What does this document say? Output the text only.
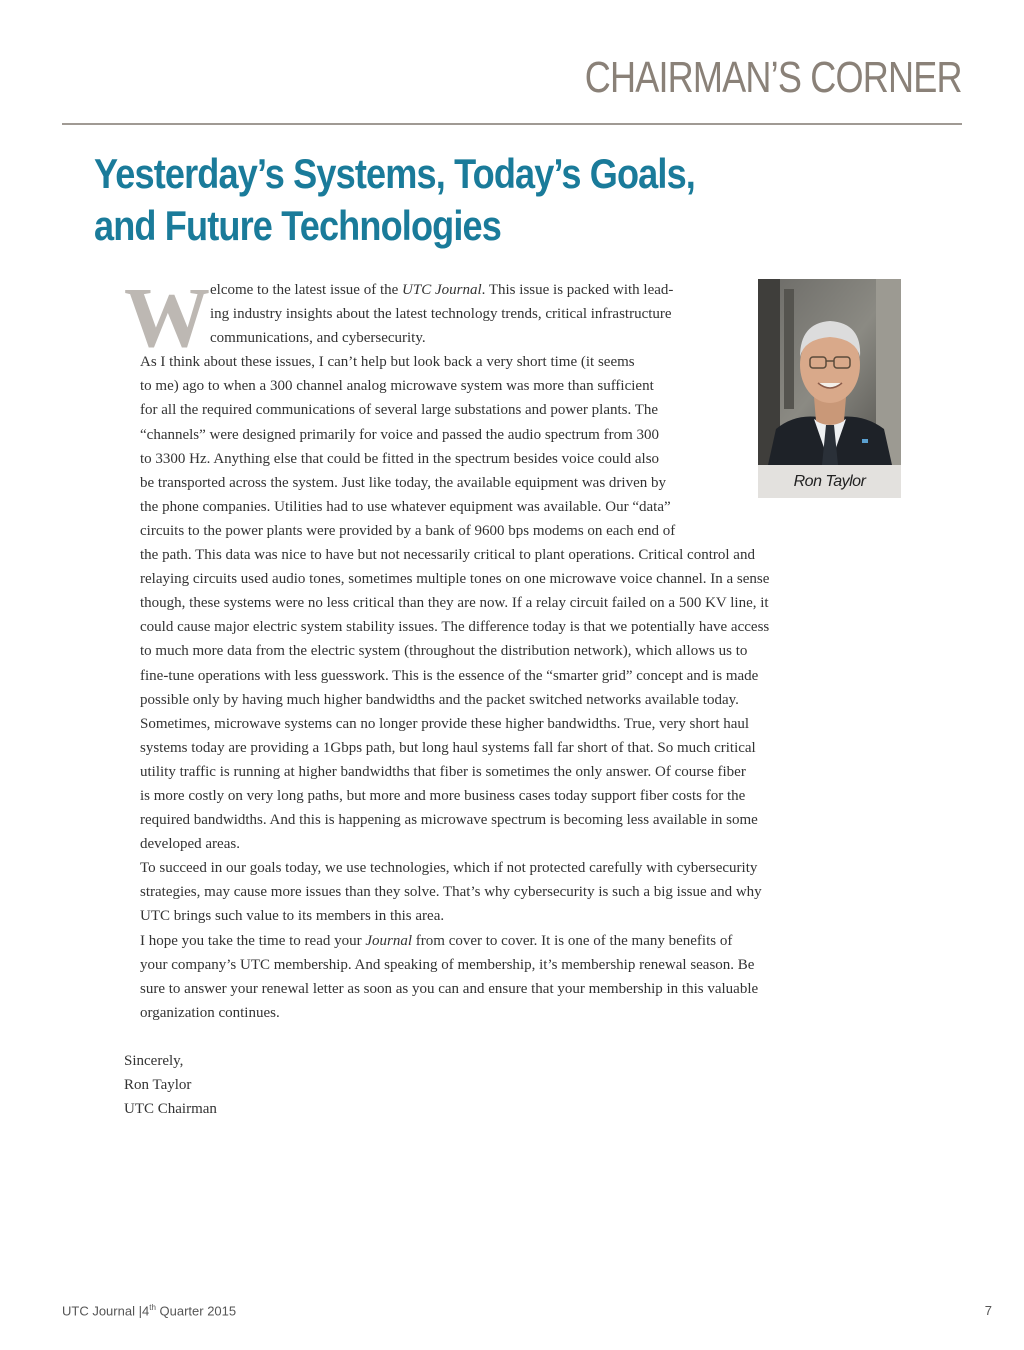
CHAIRMAN’S CORNER
Yesterday’s Systems, Today’s Goals,
and Future Technologies
Ron Taylor
W elcome to the latest issue of the UTC Journal. This issue is packed with lead-
ing industry insights about the latest technology trends, critical infrastructure
communications, and cybersecurity.
As I think about these issues, I can’t help but look back a very short time (it seems
to me) ago to when a 300 channel analog microwave system was more than sufficient
for all the required communications of several large substations and power plants. The
“channels” were designed primarily for voice and passed the audio spectrum from 300
to 3300 Hz. Anything else that could be fitted in the spectrum besides voice could also
be transported across the system. Just like today, the available equipment was driven by
the phone companies. Utilities had to use whatever equipment was available. Our “data”
circuits to the power plants were provided by a bank of 9600 bps modems on each end of
the path. This data was nice to have but not necessarily critical to plant operations. Critical control and
relaying circuits used audio tones, sometimes multiple tones on one microwave voice channel. In a sense
though, these systems were no less critical than they are now. If a relay circuit failed on a 500 KV line, it
could cause major electric system stability issues. The difference today is that we potentially have access
to much more data from the electric system (throughout the distribution network), which allows us to
fine-tune operations with less guesswork. This is the essence of the “smarter grid” concept and is made
possible only by having much higher bandwidths and the packet switched networks available today.
Sometimes, microwave systems can no longer provide these higher bandwidths. True, very short haul
systems today are providing a 1Gbps path, but long haul systems fall far short of that. So much critical
utility traffic is running at higher bandwidths that fiber is sometimes the only answer. Of course fiber
is more costly on very long paths, but more and more business cases today support fiber costs for the
required bandwidths. And this is happening as microwave spectrum is becoming less available in some
developed areas.
To succeed in our goals today, we use technologies, which if not protected carefully with cybersecurity
strategies, may cause more issues than they solve. That’s why cybersecurity is such a big issue and why
UTC brings such value to its members in this area.
I hope you take the time to read your Journal from cover to cover. It is one of the many benefits of
your company’s UTC membership. And speaking of membership, it’s membership renewal season. Be
sure to answer your renewal letter as soon as you can and ensure that your membership in this valuable
organization continues.
Sincerely,
Ron Taylor
UTC Chairman
UTC Journal |4th Quarter 2015	7
